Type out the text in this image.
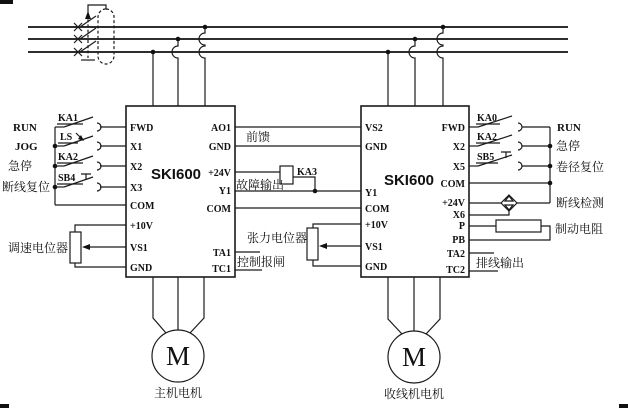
SKI600
FWD
X1
X2
X3
COM
+10V
VS1
GND
AO1
GND
+24V
Y1
COM
TA1
TC1
KA1
LS
KA2
SB4
RUN
JOG
急停
断线复位
调速电位器
前馈
KA3
故障输出
控制报闸
M
主机电机
SKI600
VS2
GND
Y1
COM
+10V
VS1
GND
FWD
X2
X5
COM
+24V
X6
P
PB
TA2
TC2
KA0
KA2
SB5
RUN
急停
卷径复位
断线检测
制动电阻
排线输出
张力电位器
M
收线机电机
